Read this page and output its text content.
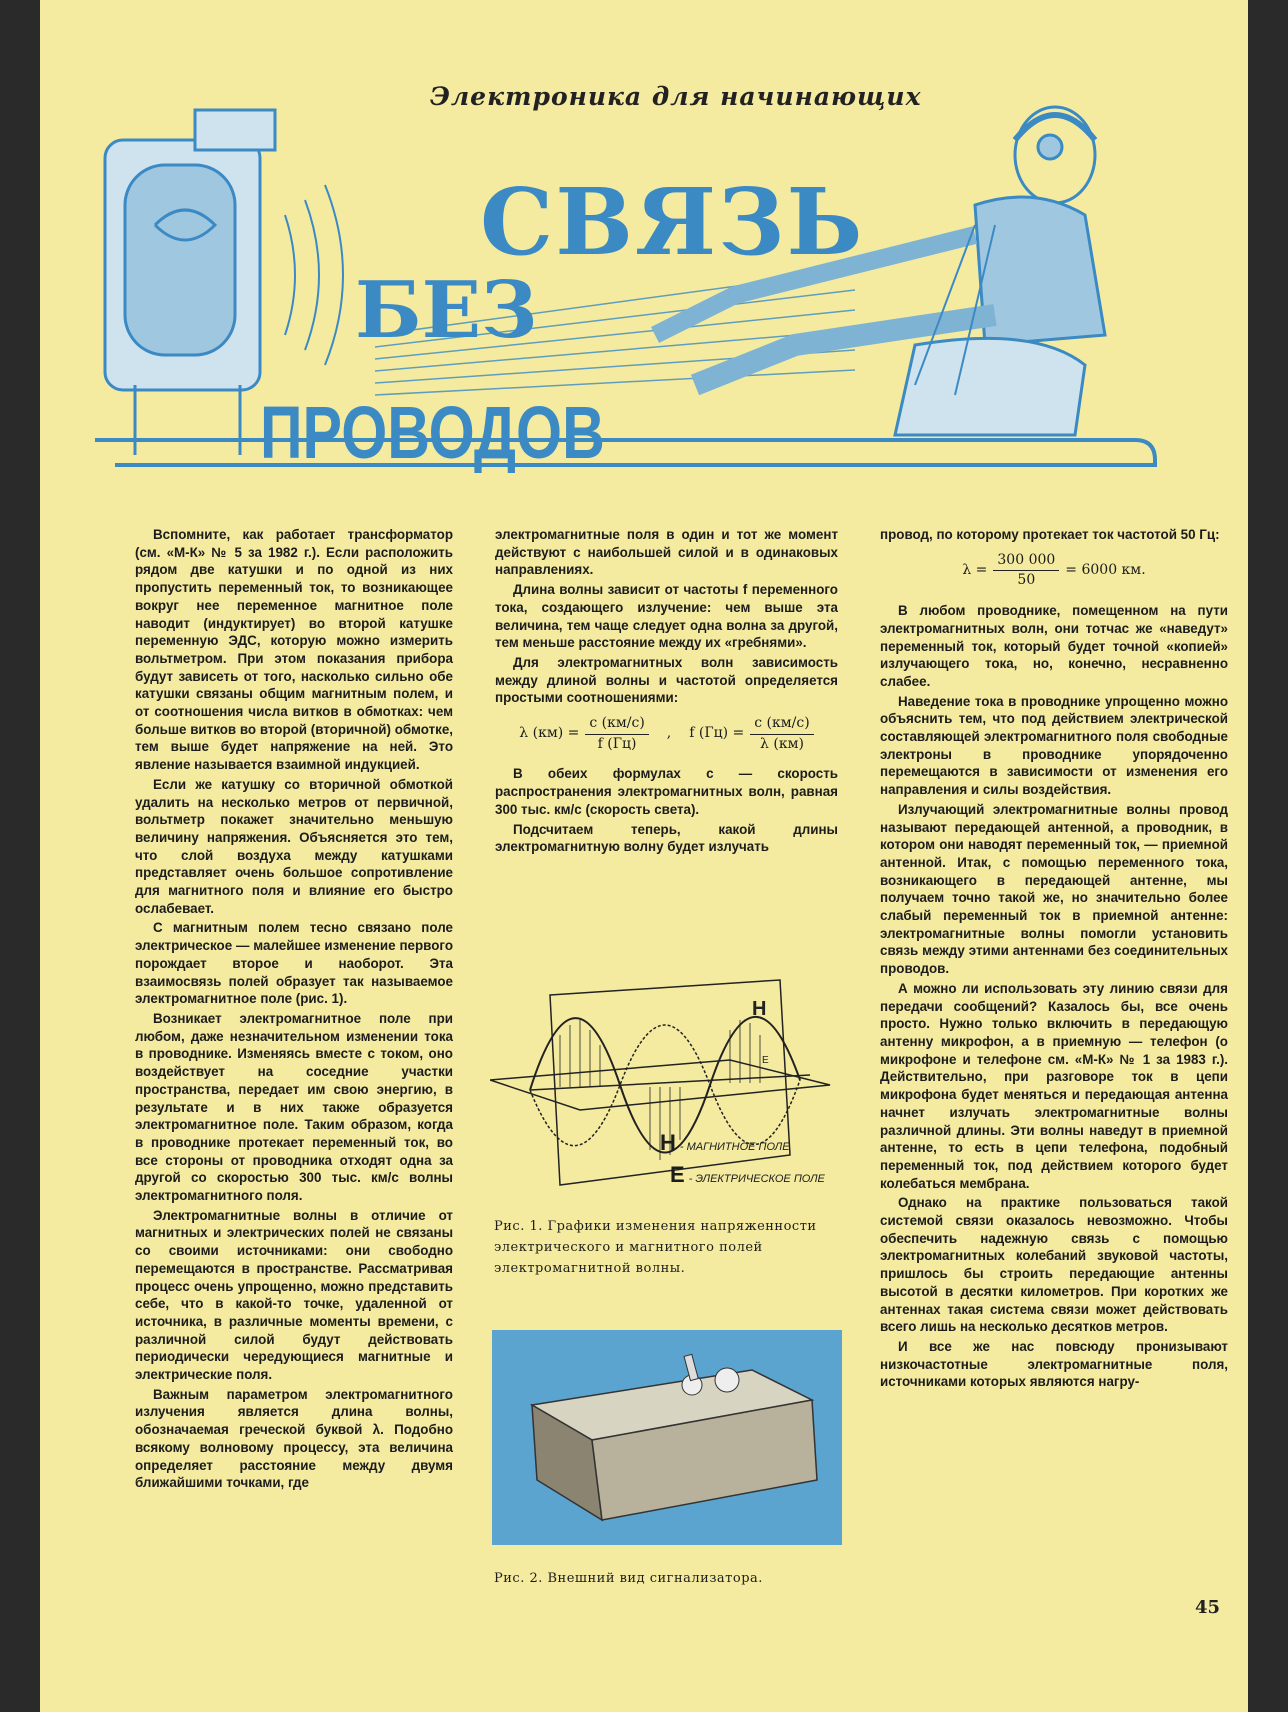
Электроника для начинающих
СВЯЗЬ
БЕЗ
ПРОВОДОВ

Вспомните, как работает трансформатор (см. «М-К» № 5 за 1982 г.). Если расположить рядом две катушки и по одной из них пропустить переменный ток, то возникающее вокруг нее переменное магнитное поле наводит (индуктирует) во второй катушке переменную ЭДС, которую можно измерить вольтметром. При этом показания прибора будут зависеть от того, насколько сильно обе катушки связаны общим магнитным полем, и от соотношения числа витков в обмотках: чем больше витков во второй (вторичной) обмотке, тем выше будет напряжение на ней. Это явление называется взаимной индукцией.

Если же катушку со вторичной обмоткой удалить на несколько метров от первичной, вольтметр покажет значительно меньшую величину напряжения. Объясняется это тем, что слой воздуха между катушками представляет очень большое сопротивление для магнитного поля и влияние его быстро ослабевает.

С магнитным полем тесно связано поле электрическое — малейшее изменение первого порождает второе и наоборот. Эта взаимосвязь полей образует так называемое электромагнитное поле (рис. 1).

Возникает электромагнитное поле при любом, даже незначительном изменении тока в проводнике. Изменяясь вместе с током, оно воздействует на соседние участки пространства, передает им свою энергию, в результате и в них также образуется электромагнитное поле. Таким образом, когда в проводнике протекает переменный ток, во все стороны от проводника отходят одна за другой со скоростью 300 тыс. км/с волны электромагнитного поля.

Электромагнитные волны в отличие от магнитных и электрических полей не связаны со своими источниками: они свободно перемещаются в пространстве. Рассматривая процесс очень упрощенно, можно представить себе, что в какой-то точке, удаленной от источника, в различные моменты времени, с различной силой будут действовать периодически чередующиеся магнитные и электрические поля.

Важным параметром электромагнитного излучения является длина волны, обозначаемая греческой буквой λ. Подобно всякому волновому процессу, эта величина определяет расстояние между двумя ближайшими точками, где

электромагнитные поля в один и тот же момент действуют с наибольшей силой и в одинаковых направлениях.

Длина волны зависит от частоты f переменного тока, создающего излучение: чем выше эта величина, тем чаще следует одна волна за другой, тем меньше расстояние между их «гребнями».

Для электромагнитных волн зависимость между длиной волны и частотой определяется простыми соотношениями:

λ $(км) = \frac{c (км/с)}{f (Гц)}$ , f $(Гц) = \frac{c (км/с)}{\lambda (км)}$

В обеих формулах с — скорость распространения электромагнитных волн, равная 300 тыс. км/с (скорость света).

Подсчитаем теперь, какой длины электромагнитную волну будет излучать

H
E
H - МАГНИТНОЕ ПОЛЕ
E - ЭЛЕКТРИЧЕСКОЕ ПОЛЕ
Рис. 1. Графики изменения напряженности электрического и магнитного полей электромагнитной волны.
Рис. 2. Внешний вид сигнализатора.

провод, по которому протекает ток частотой 50 Гц:

$\lambda = \frac{300 000}{50} = 6000$ км.

В любом проводнике, помещенном на пути электромагнитных волн, они тотчас же «наведут» переменный ток, который будет точной «копией» излучающего тока, но, конечно, несравненно слабее.

Наведение тока в проводнике упрощенно можно объяснить тем, что под действием электрической составляющей электромагнитного поля свободные электроны в проводнике упорядоченно перемещаются в зависимости от изменения его направления и силы воздействия.

Излучающий электромагнитные волны провод называют передающей антенной, а проводник, в котором они наводят переменный ток, — приемной антенной. Итак, с помощью переменного тока, возникающего в передающей антенне, мы получаем точно такой же, но значительно более слабый переменный ток в приемной антенне: электромагнитные волны помогли установить связь между этими антеннами без соединительных проводов.

А можно ли использовать эту линию связи для передачи сообщений? Казалось бы, все очень просто. Нужно только включить в передающую антенну микрофон, а в приемную — телефон (о микрофоне и телефоне см. «М-К» № 1 за 1983 г.). Действительно, при разговоре ток в цепи микрофона будет меняться и передающая антенна начнет излучать электромагнитные волны различной длины. Эти волны наведут в приемной антенне, то есть в цепи телефона, подобный переменный ток, под действием которого будет колебаться мембрана.

Однако на практике пользоваться такой системой связи оказалось невозможно. Чтобы обеспечить надежную связь с помощью электромагнитных колебаний звуковой частоты, пришлось бы строить передающие антенны высотой в десятки километров. При коротких же антеннах такая система связи может действовать всего лишь на несколько десятков метров.

И все же нас повсюду пронизывают низкочастотные электромагнитные поля, источниками которых являются нагру-

45
